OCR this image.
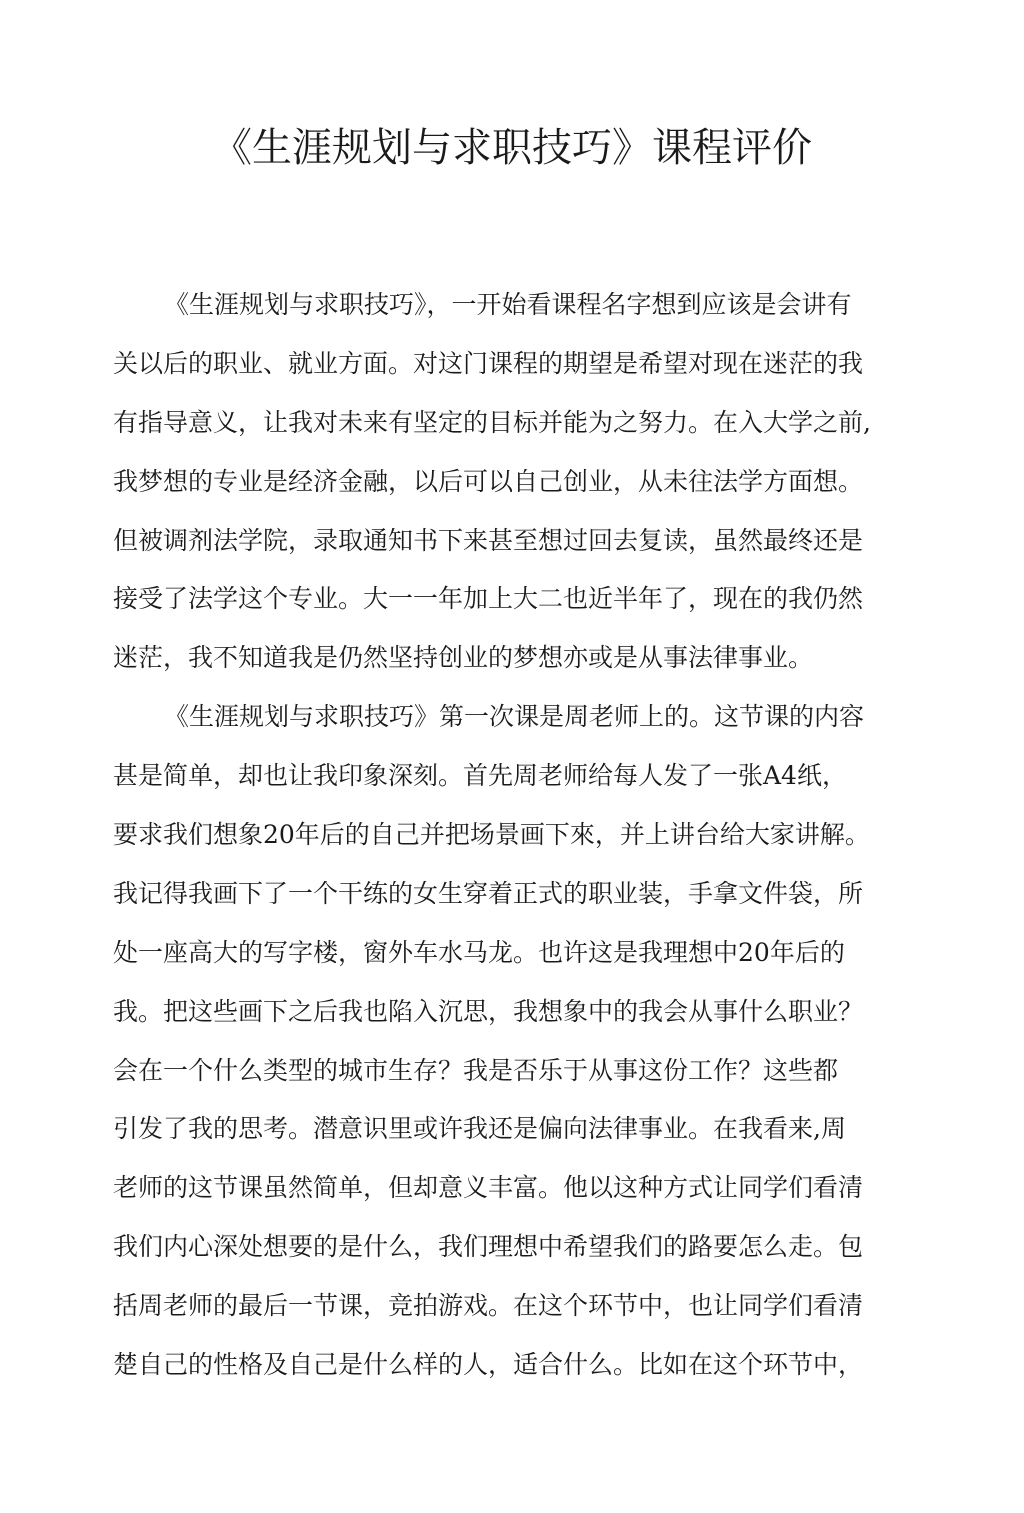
《生涯规划与求职技巧》课程评价
《生涯规划与求职技巧》，一开始看课程名字想到应该是会讲有
关以后的职业、就业方面。对这门课程的期望是希望对现在迷茫的我
有指导意义，让我对未来有坚定的目标并能为之努力。在入大学之前,
我梦想的专业是经济金融，以后可以自己创业，从未往法学方面想。
但被调剂法学院，录取通知书下来甚至想过回去复读，虽然最终还是
接受了法学这个专业。大一一年加上大二也近半年了，现在的我仍然
迷茫，我不知道我是仍然坚持创业的梦想亦或是从事法律事业。
《生涯规划与求职技巧》第一次课是周老师上的。这节课的内容
甚是简单，却也让我印象深刻。首先周老师给每人发了一张A4纸，
要求我们想象20年后的自己并把场景画下來，并上讲台给大家讲解。
我记得我画下了一个干练的女生穿着正式的职业装，手拿文件袋，所
处一座高大的写字楼，窗外车水马龙。也许这是我理想中20年后的
我。把这些画下之后我也陷入沉思，我想象中的我会从事什么职业？
会在一个什么类型的城市生存？我是否乐于从事这份工作？这些都
引发了我的思考。潜意识里或许我还是偏向法律事业。在我看来,周
老师的这节课虽然简单，但却意义丰富。他以这种方式让同学们看清
我们内心深处想要的是什么，我们理想中希望我们的路要怎么走。包
括周老师的最后一节课，竞拍游戏。在这个环节中，也让同学们看清
楚自己的性格及自己是什么样的人，适合什么。比如在这个环节中，
